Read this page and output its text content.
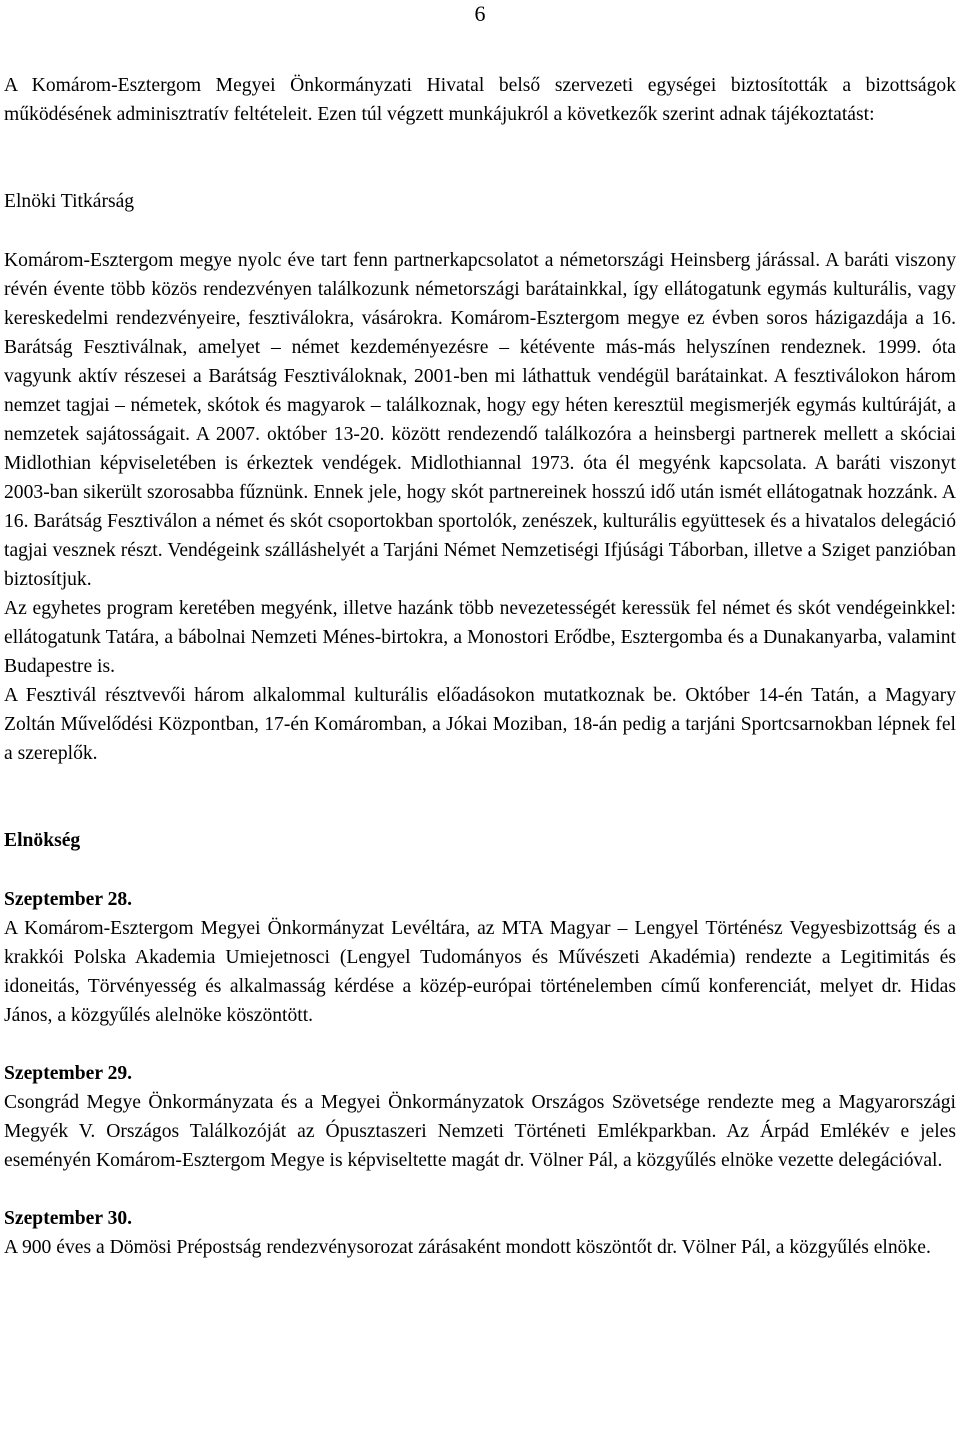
6

A Komárom-Esztergom Megyei Önkormányzati Hivatal belső szervezeti egységei biztosították a bizottságok működésének adminisztratív feltételeit. Ezen túl végzett munkájukról a következők szerint adnak tájékoztatást:

Elnöki Titkárság

Komárom-Esztergom megye nyolc éve tart fenn partnerkapcsolatot a németországi Heinsberg járással. A baráti viszony révén évente több közös rendezvényen találkozunk németországi barátainkkal, így ellátogatunk egymás kulturális, vagy kereskedelmi rendezvényeire, fesztiválokra, vásárokra. Komárom-Esztergom megye ez évben soros házigazdája a 16. Barátság Fesztiválnak, amelyet – német kezdeményezésre – kétévente más-más helyszínen rendeznek. 1999. óta vagyunk aktív részesei a Barátság Fesztiváloknak, 2001-ben mi láthattuk vendégül barátainkat. A fesztiválokon három nemzet tagjai – németek, skótok és magyarok – találkoznak, hogy egy héten keresztül megismerjék egymás kultúráját, a nemzetek sajátosságait. A 2007. október 13-20. között rendezendő találkozóra a heinsbergi partnerek mellett a skóciai Midlothian képviseletében is érkeztek vendégek. Midlothiannal 1973. óta él megyénk kapcsolata. A baráti viszonyt 2003-ban sikerült szorosabba fűznünk. Ennek jele, hogy skót partnereinek hosszú idő után ismét ellátogatnak hozzánk. A 16. Barátság Fesztiválon a német és skót csoportokban sportolók, zenészek, kulturális együttesek és a hivatalos delegáció tagjai vesznek részt. Vendégeink szálláshelyét a Tarjáni Német Nemzetiségi Ifjúsági Táborban, illetve a Sziget panzióban biztosítjuk.

Az egyhetes program keretében megyénk, illetve hazánk több nevezetességét keressük fel német és skót vendégeinkkel: ellátogatunk Tatára, a bábolnai Nemzeti Ménes-birtokra, a Monostori Erődbe, Esztergomba és a Dunakanyarba, valamint Budapestre is.

A Fesztivál résztvevői három alkalommal kulturális előadásokon mutatkoznak be. Október 14-én Tatán, a Magyary Zoltán Művelődési Központban, 17-én Komáromban, a Jókai Moziban, 18-án pedig a tarjáni Sportcsarnokban lépnek fel a szereplők.

Elnökség
Szeptember 28.

A Komárom-Esztergom Megyei Önkormányzat Levéltára, az MTA Magyar – Lengyel Történész Vegyesbizottság és a krakkói Polska Akademia Umiejetnosci (Lengyel Tudományos és Művészeti Akadémia) rendezte a Legitimitás és idoneitás, Törvényesség és alkalmasság kérdése a közép-európai történelemben című konferenciát, melyet dr. Hidas János, a közgyűlés alelnöke köszöntött.

Szeptember 29.

Csongrád Megye Önkormányzata és a Megyei Önkormányzatok Országos Szövetsége rendezte meg a Magyarországi Megyék V. Országos Találkozóját az Ópusztaszeri Nemzeti Történeti Emlékparkban. Az Árpád Emlékév e jeles eseményén Komárom-Esztergom Megye is képviseltette magát dr. Völner Pál, a közgyűlés elnöke vezette delegációval.

Szeptember 30.

A 900 éves a Dömösi Prépostság rendezvénysorozat zárásaként mondott köszöntőt dr. Völner Pál, a közgyűlés elnöke.
